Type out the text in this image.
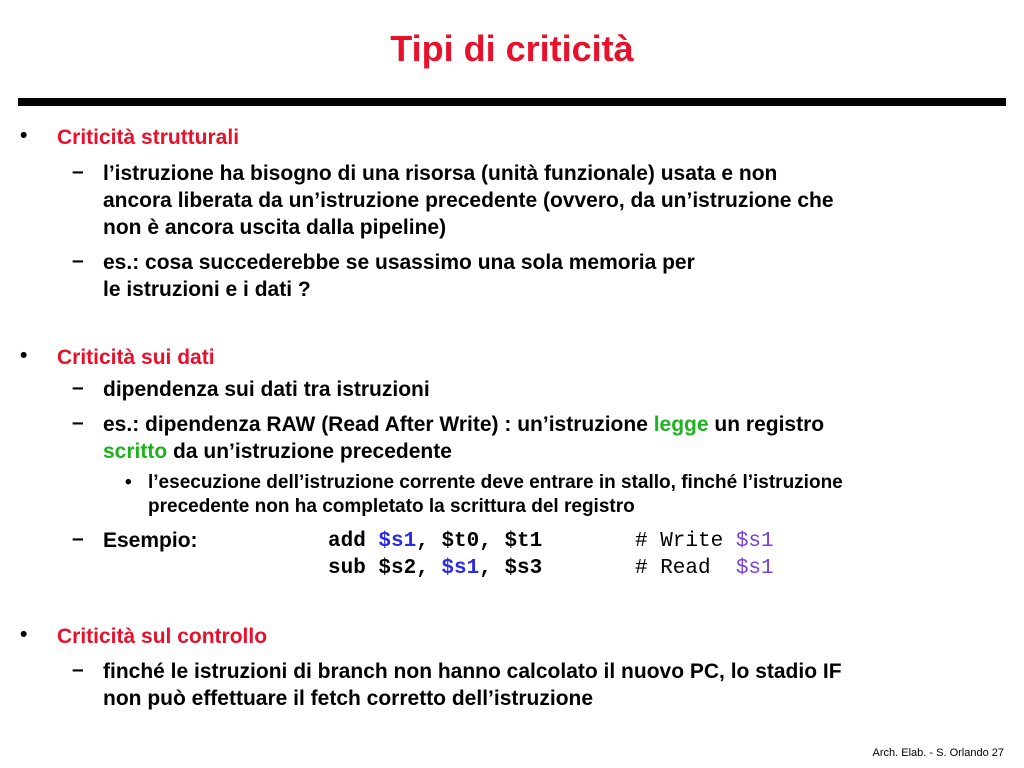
Tipi di criticità
• Criticità strutturali
– l’istruzione ha bisogno di una risorsa (unità funzionale) usata e non
ancora liberata da un’istruzione precedente (ovvero, da un’istruzione che
non è ancora uscita dalla pipeline)
– es.: cosa succederebbe se usassimo una sola memoria per
le istruzioni e i dati ?
• Criticità sui dati
– dipendenza sui dati tra istruzioni
– es.: dipendenza RAW (Read After Write) : un’istruzione legge un registro
scritto da un’istruzione precedente
• l’esecuzione dell’istruzione corrente deve entrare in stallo, finché l’istruzione
precedente non ha completato la scrittura del registro
– Esempio:	add $s1, $t0, $t1	# Write $s1
sub $s2, $s1, $s3	# Read  $s1
• Criticità sul controllo
– finché le istruzioni di branch non hanno calcolato il nuovo PC, lo stadio IF
non può effettuare il fetch corretto dell’istruzione
Arch. Elab. - S. Orlando 27
